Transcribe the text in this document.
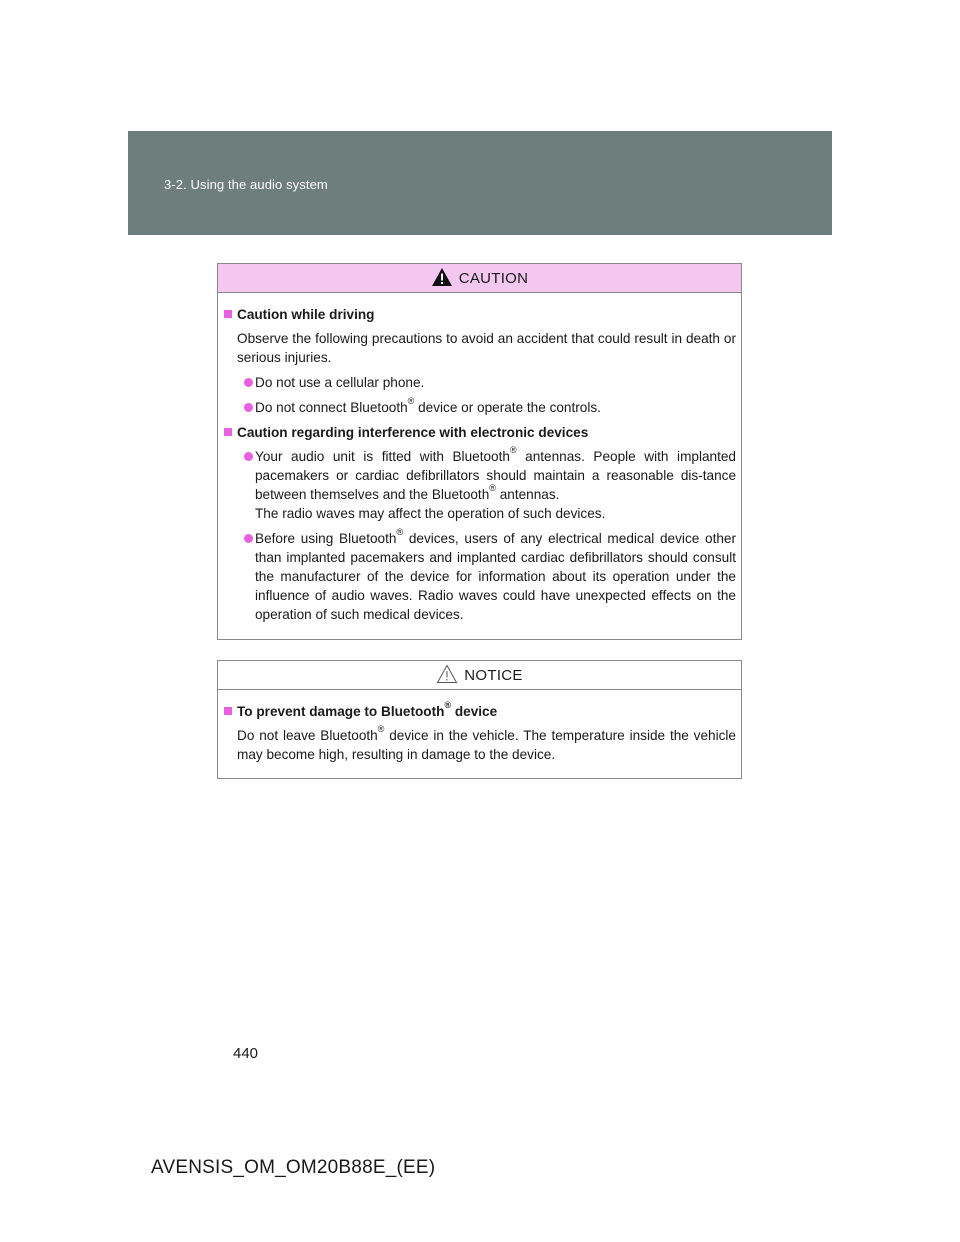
3-2. Using the audio system
CAUTION
Caution while driving
Observe the following precautions to avoid an accident that could result in death or serious injuries.
Do not use a cellular phone.
Do not connect Bluetooth® device or operate the controls.
Caution regarding interference with electronic devices
Your audio unit is fitted with Bluetooth® antennas. People with implanted pacemakers or cardiac defibrillators should maintain a reasonable dis-tance between themselves and the Bluetooth® antennas.
The radio waves may affect the operation of such devices.
Before using Bluetooth® devices, users of any electrical medical device other than implanted pacemakers and implanted cardiac defibrillators should consult the manufacturer of the device for information about its operation under the influence of audio waves. Radio waves could have unexpected effects on the operation of such medical devices.
NOTICE
To prevent damage to Bluetooth® device
Do not leave Bluetooth® device in the vehicle. The temperature inside the vehicle may become high, resulting in damage to the device.
440
AVENSIS_OM_OM20B88E_(EE)
